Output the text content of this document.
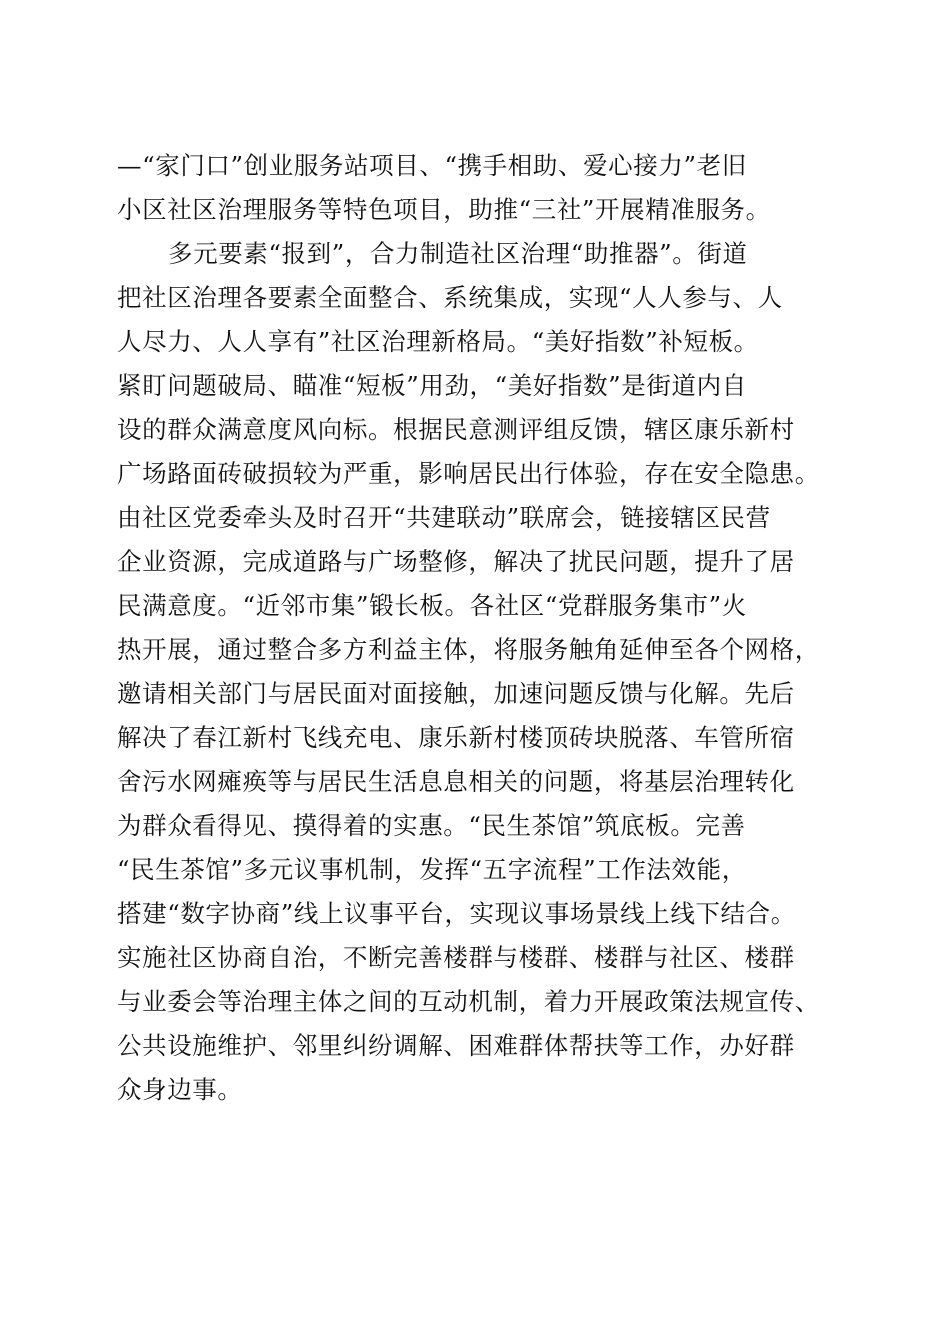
—“家门口”创业服务站项目、“携手相助、爱心接力”老旧
小区社区治理服务等特色项目，助推“三社”开展精准服务。
多元要素“报到”，合力制造社区治理“助推器”。街道
把社区治理各要素全面整合、系统集成，实现“人人参与、人
人尽力、人人享有”社区治理新格局。“美好指数”补短板。
紧盯问题破局、瞄准“短板”用劲，“美好指数”是街道内自
设的群众满意度风向标。根据民意测评组反馈，辖区康乐新村
广场路面砖破损较为严重，影响居民出行体验，存在安全隐患。
由社区党委牵头及时召开“共建联动”联席会，链接辖区民营
企业资源，完成道路与广场整修，解决了扰民问题，提升了居
民满意度。“近邻市集”锻长板。各社区“党群服务集市”火
热开展，通过整合多方利益主体，将服务触角延伸至各个网格，
邀请相关部门与居民面对面接触，加速问题反馈与化解。先后
解决了春江新村飞线充电、康乐新村楼顶砖块脱落、车管所宿
舍污水网瘫痪等与居民生活息息相关的问题，将基层治理转化
为群众看得见、摸得着的实惠。“民生茶馆”筑底板。完善
“民生茶馆”多元议事机制，发挥“五字流程”工作法效能，
搭建“数字协商”线上议事平台，实现议事场景线上线下结合。
实施社区协商自治，不断完善楼群与楼群、楼群与社区、楼群
与业委会等治理主体之间的互动机制，着力开展政策法规宣传、
公共设施维护、邻里纠纷调解、困难群体帮扶等工作，办好群
众身边事。
